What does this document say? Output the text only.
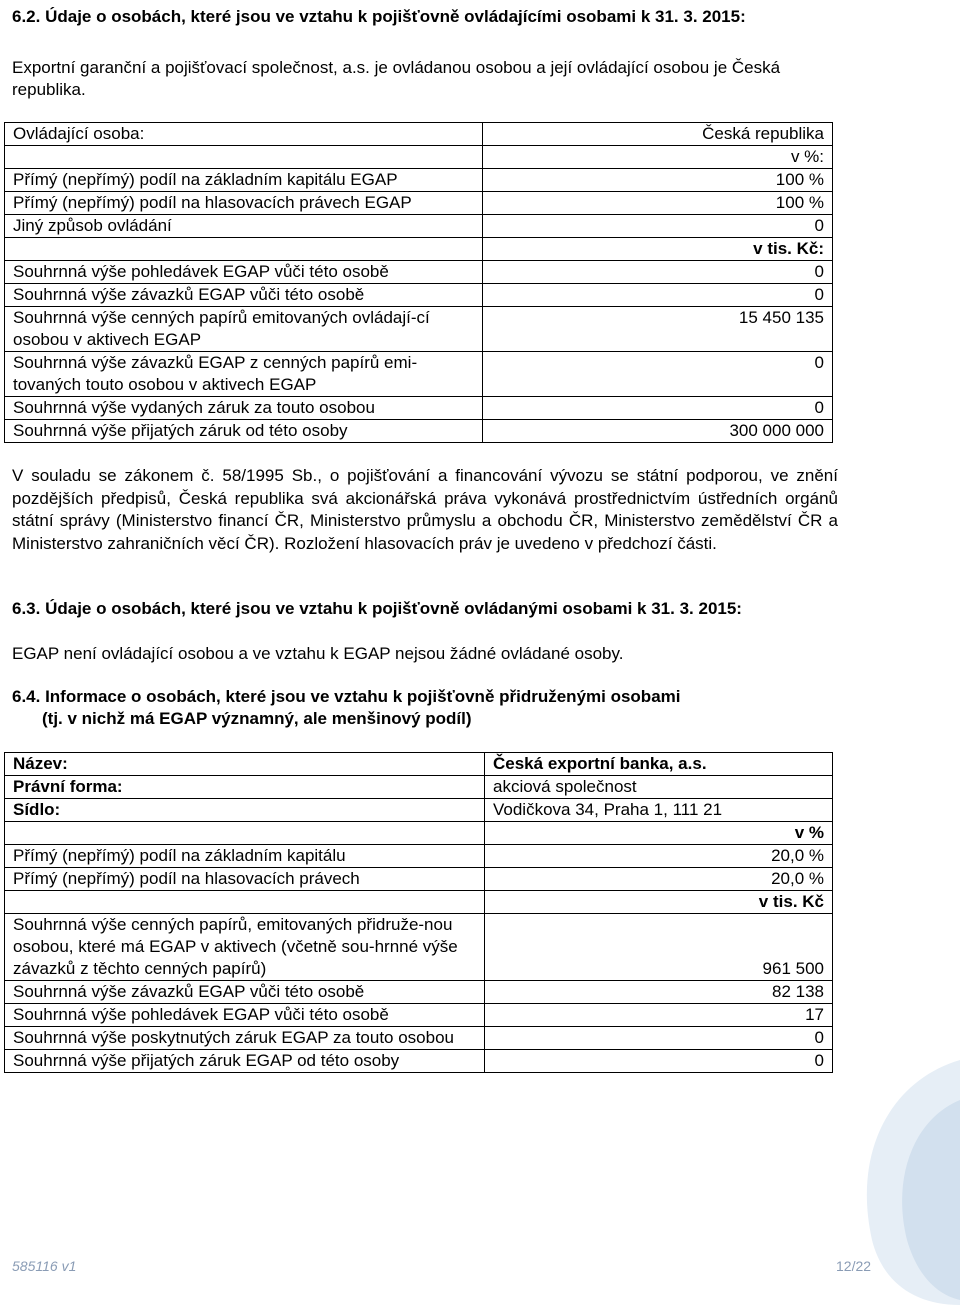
6.2. Údaje o osobách, které jsou ve vztahu k pojišťovně ovládajícími osobami k 31. 3. 2015:

Exportní garanční a pojišťovací společnost, a.s. je ovládanou osobou a její ovládající osobou je Česká republika.

Ovládající osoba:	Česká republika
	v %:
Přímý (nepřímý) podíl na základním kapitálu EGAP	100 %
Přímý (nepřímý) podíl na hlasovacích právech EGAP	100 %
Jiný způsob ovládání	0
	v tis. Kč:
Souhrnná výše pohledávek EGAP vůči této osobě	0
Souhrnná výše závazků EGAP vůči této osobě	0
Souhrnná výše cenných papírů emitovaných ovládají-cí osobou v aktivech EGAP	15 450 135
Souhrnná výše závazků EGAP z cenných papírů emi-tovaných touto osobou v aktivech EGAP	0
Souhrnná výše vydaných záruk za touto osobou	0
Souhrnná výše přijatých záruk od této osoby	300 000 000

V souladu se zákonem č. 58/1995 Sb., o pojišťování a financování vývozu se státní podporou, ve znění pozdějších předpisů, Česká republika svá akcionářská práva vykonává prostřednictvím ústředních orgánů státní správy (Ministerstvo financí ČR, Ministerstvo průmyslu a obchodu ČR, Ministerstvo zemědělství ČR a Ministerstvo zahraničních věcí ČR). Rozložení hlasovacích práv je uvedeno v předchozí části.

6.3. Údaje o osobách, které jsou ve vztahu k pojišťovně ovládanými osobami k 31. 3. 2015:

EGAP není ovládající osobou a ve vztahu k EGAP nejsou žádné ovládané osoby.

6.4. Informace o osobách, které jsou ve vztahu k pojišťovně přidruženými osobami

(tj. v nichž má EGAP významný, ale menšinový podíl)

Název:	Česká exportní banka, a.s.
Právní forma:	akciová společnost
Sídlo:	Vodičkova 34, Praha 1, 111 21
	v %
Přímý (nepřímý) podíl na základním kapitálu	20,0 %
Přímý (nepřímý) podíl na hlasovacích právech	20,0 %
	v tis. Kč
Souhrnná výše cenných papírů, emitovaných přidruže-nou osobou, které má EGAP v aktivech (včetně sou-hrnné výše závazků z těchto cenných papírů)	961 500
Souhrnná výše závazků EGAP vůči této osobě	82 138
Souhrnná výše pohledávek EGAP vůči této osobě	17
Souhrnná výše poskytnutých záruk EGAP za touto osobou	0
Souhrnná výše přijatých záruk EGAP od této osoby	0
585116 v1	12/22
